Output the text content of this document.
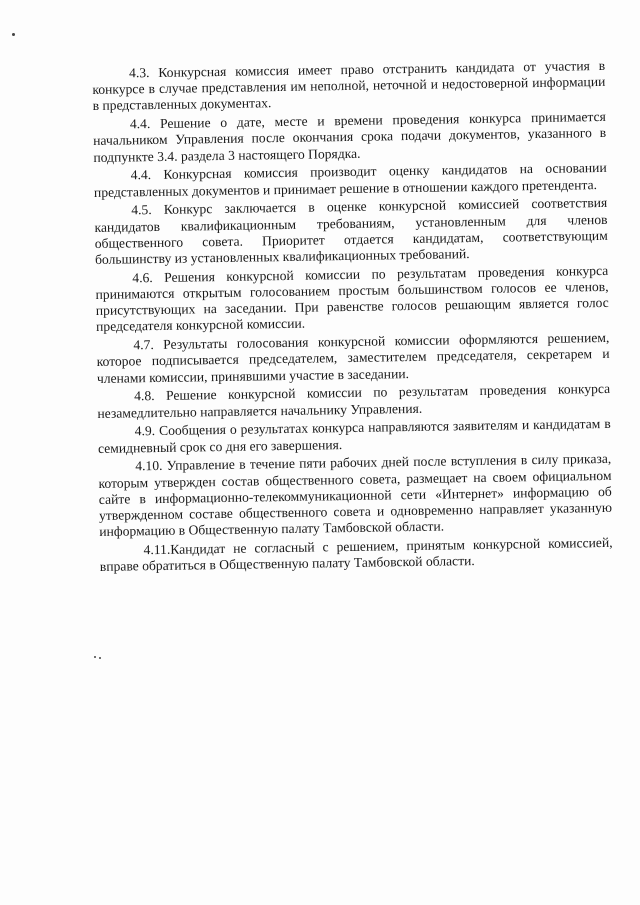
4.3. Конкурсная комиссия имеет право отстранить кандидата от участия в конкурсе в случае представления им неполной, неточной и недостоверной информации в представленных документах.

4.4. Решение о дате, месте и времени проведения конкурса принимается начальником Управления после окончания срока подачи документов, указанного в подпункте 3.4. раздела 3 настоящего Порядка.

4.4. Конкурсная комиссия производит оценку кандидатов на основании представленных документов и принимает решение в отношении каждого претендента.

4.5. Конкурс заключается в оценке конкурсной комиссией соответствия кандидатов квалификационным требованиям, установленным для членов общественного совета. Приоритет отдается кандидатам, соответствующим большинству из установленных квалификационных требований.

4.6. Решения конкурсной комиссии по результатам проведения конкурса принимаются открытым голосованием простым большинством голосов ее членов, присутствующих на заседании. При равенстве голосов решающим является голос председателя конкурсной комиссии.

4.7. Результаты голосования конкурсной комиссии оформляются решением, которое подписывается председателем, заместителем председателя, секретарем и членами комиссии, принявшими участие в заседании.

4.8. Решение конкурсной комиссии по результатам проведения конкурса незамедлительно направляется начальнику Управления.

4.9. Сообщения о результатах конкурса направляются заявителям и кандидатам в семидневный срок со дня его завершения.

4.10. Управление в течение пяти рабочих дней после вступления в силу приказа, которым утвержден состав общественного совета, размещает на своем официальном сайте в информационно-телекоммуникационной сети «Интернет» информацию об утвержденном составе общественного совета и одновременно направляет указанную информацию в Общественную палату Тамбовской области.

4.11.Кандидат не согласный с решением, принятым конкурсной комиссией, вправе обратиться в Общественную палату Тамбовской области.
